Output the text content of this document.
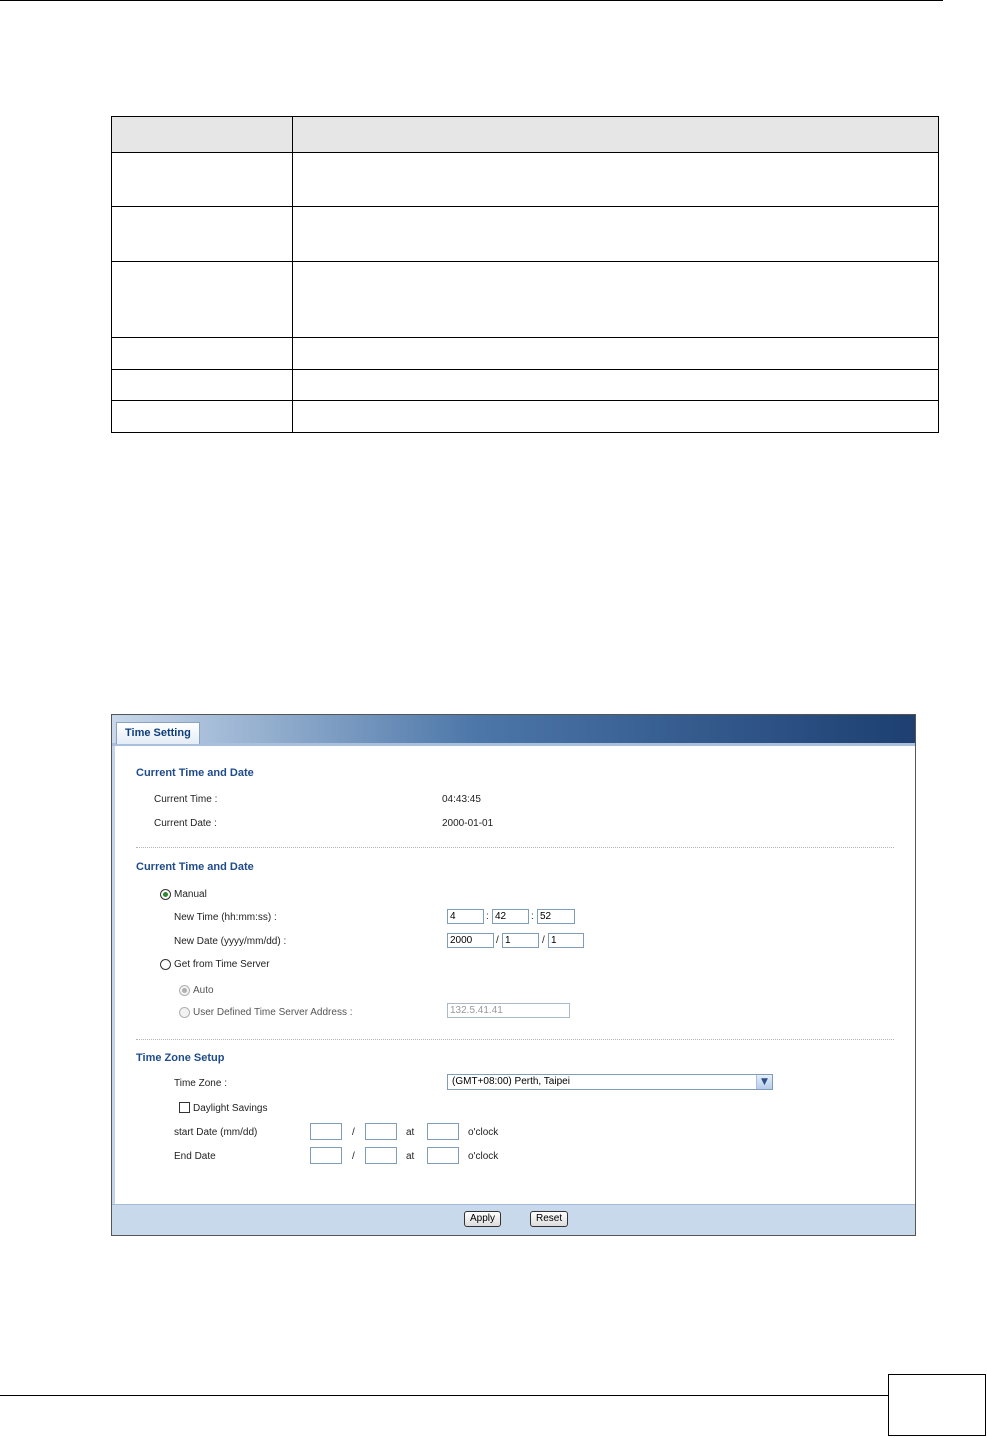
Time Setting
Current Time and Date
Current Time :	04:43:45
Current Date :	2000-01-01
Current Time and Date
Manual
New Time (hh:mm:ss) :	4	: 42	: 52
New Date (yyyy/mm/dd) :	2000	/ 1	/ 1
Get from Time Server
Auto
User Defined Time Server Address :	132.5.41.41
Time Zone Setup
Time Zone :	(GMT+08:00) Perth, Taipei	▼
Daylight Savings
start Date (mm/dd)	/	at	o'clock
End Date	/	at	o'clock
Apply	Reset
